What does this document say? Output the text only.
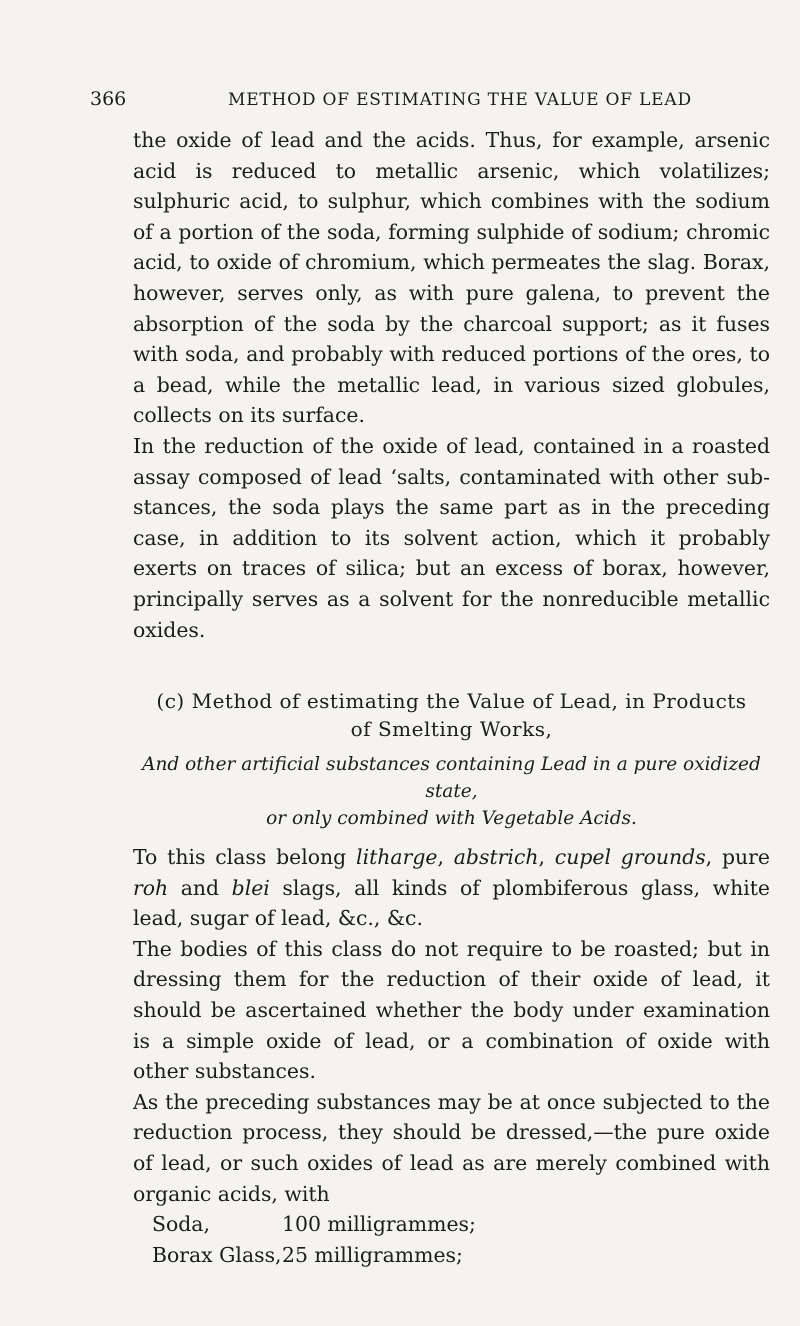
366	METHOD OF ESTIMATING THE VALUE OF LEAD

the oxide of lead and the acids. Thus, for example, arsenic acid is reduced to metallic arsenic, which volatilizes; sulphuric acid, to sulphur, which combines with the sodium of a portion of the soda, forming sulphide of sodium; chromic acid, to oxide of chromium, which permeates the slag. Borax, however, serves only, as with pure galena, to prevent the absorption of the soda by the charcoal support; as it fuses with soda, and probably with reduced portions of the ores, to a bead, while the metallic lead, in various sized globules, collects on its surface.

In the reduction of the oxide of lead, contained in a roasted assay composed of lead ‘salts, contaminated with other sub-stances, the soda plays the same part as in the preceding case, in addition to its solvent action, which it probably exerts on traces of silica; but an excess of borax, however, principally serves as a solvent for the nonreducible metallic oxides.

(c) Method of estimating the Value of Lead, in Products
of Smelting Works,
And other artificial substances containing Lead in a pure oxidized state,
or only combined with Vegetable Acids.

To this class belong litharge, abstrich, cupel grounds, pure roh and blei slags, all kinds of plombiferous glass, white lead, sugar of lead, &c., &c.

The bodies of this class do not require to be roasted; but in dressing them for the reduction of their oxide of lead, it should be ascertained whether the body under examination is a simple oxide of lead, or a combination of oxide with other substances.

As the preceding substances may be at once subjected to the reduction process, they should be dressed,—the pure oxide of lead, or such oxides of lead as are merely combined with organic acids, with

Soda,	100 milligrammes;
Borax Glass, 25 milligrammes;
